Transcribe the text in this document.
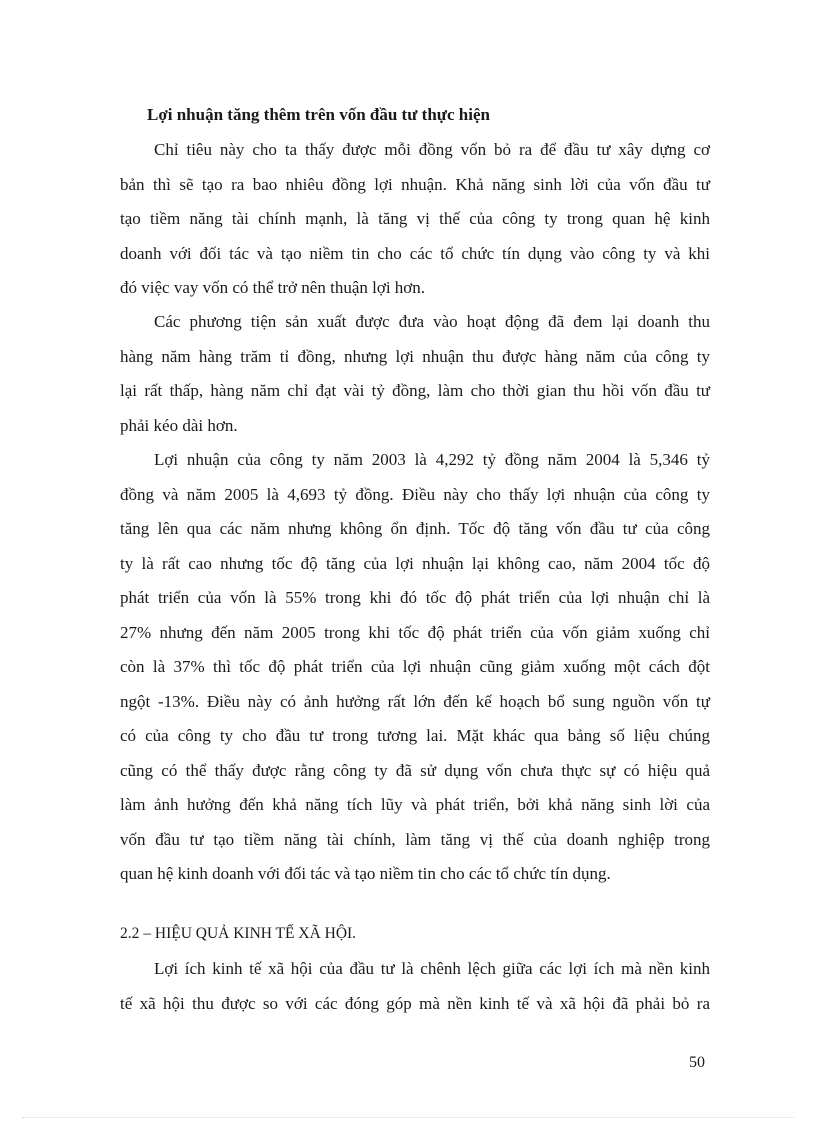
Lợi nhuận tăng thêm trên vốn đầu tư thực hiện
Chỉ tiêu này cho ta thấy được mỗi đồng vốn bỏ ra để đầu tư xây dựng cơ
bản thì sẽ tạo ra bao nhiêu đồng lợi nhuận. Khả năng sinh lời của vốn đầu tư
tạo tiềm năng tài chính mạnh, là tăng vị thế của công ty trong quan hệ kinh
doanh với đối tác và tạo niềm tin cho các tổ chức tín dụng vào công ty và khi
đó việc vay vốn có thể trở nên thuận lợi hơn.
Các phương tiện sản xuất được đưa vào hoạt động đã đem lại doanh thu
hàng năm hàng trăm tỉ đồng, nhưng lợi nhuận thu được hàng năm của công ty
lại rất thấp, hàng năm chỉ đạt vài tỷ đồng, làm cho thời gian thu hồi vốn đầu tư
phải kéo dài hơn.
Lợi nhuận của công ty năm 2003 là 4,292 tỷ đồng năm 2004 là 5,346 tỷ
đồng và năm 2005 là 4,693 tỷ đồng. Điều này cho thấy lợi nhuận của công ty
tăng lên qua các năm nhưng không ổn định. Tốc độ tăng vốn đầu tư của công
ty là rất cao nhưng tốc độ tăng của lợi nhuận lại không cao, năm 2004 tốc độ
phát triển của vốn là 55% trong khi đó tốc độ phát triển của lợi nhuận chỉ là
27% nhưng đến năm 2005 trong khi tốc độ phát triển của vốn giảm xuống chỉ
còn là 37% thì tốc độ phát triển của lợi nhuận cũng giảm xuống một cách đột
ngột -13%. Điều này có ảnh hưởng rất lớn đến kế hoạch bổ sung nguồn vốn tự
có của công ty cho đầu tư trong tương lai. Mặt khác qua bảng số liệu chúng
cũng có thể thấy được rằng công ty đã sử dụng vốn chưa thực sự có hiệu quả
làm ảnh hưởng đến khả năng tích lũy và phát triển, bởi khả năng sinh lời của
vốn đầu tư tạo tiềm năng tài chính, làm tăng vị thế của doanh nghiệp trong
quan hệ kinh doanh với đối tác và tạo niềm tin cho các tổ chức tín dụng.
2.2 – HIỆU QUẢ KINH TẾ XÃ HỘI.
Lợi ích kinh tế xã hội của đầu tư là chênh lệch giữa các lợi ích mà nền kinh
tế xã hội thu được so với các đóng góp mà nền kinh tế và xã hội đã phải bỏ ra
50
